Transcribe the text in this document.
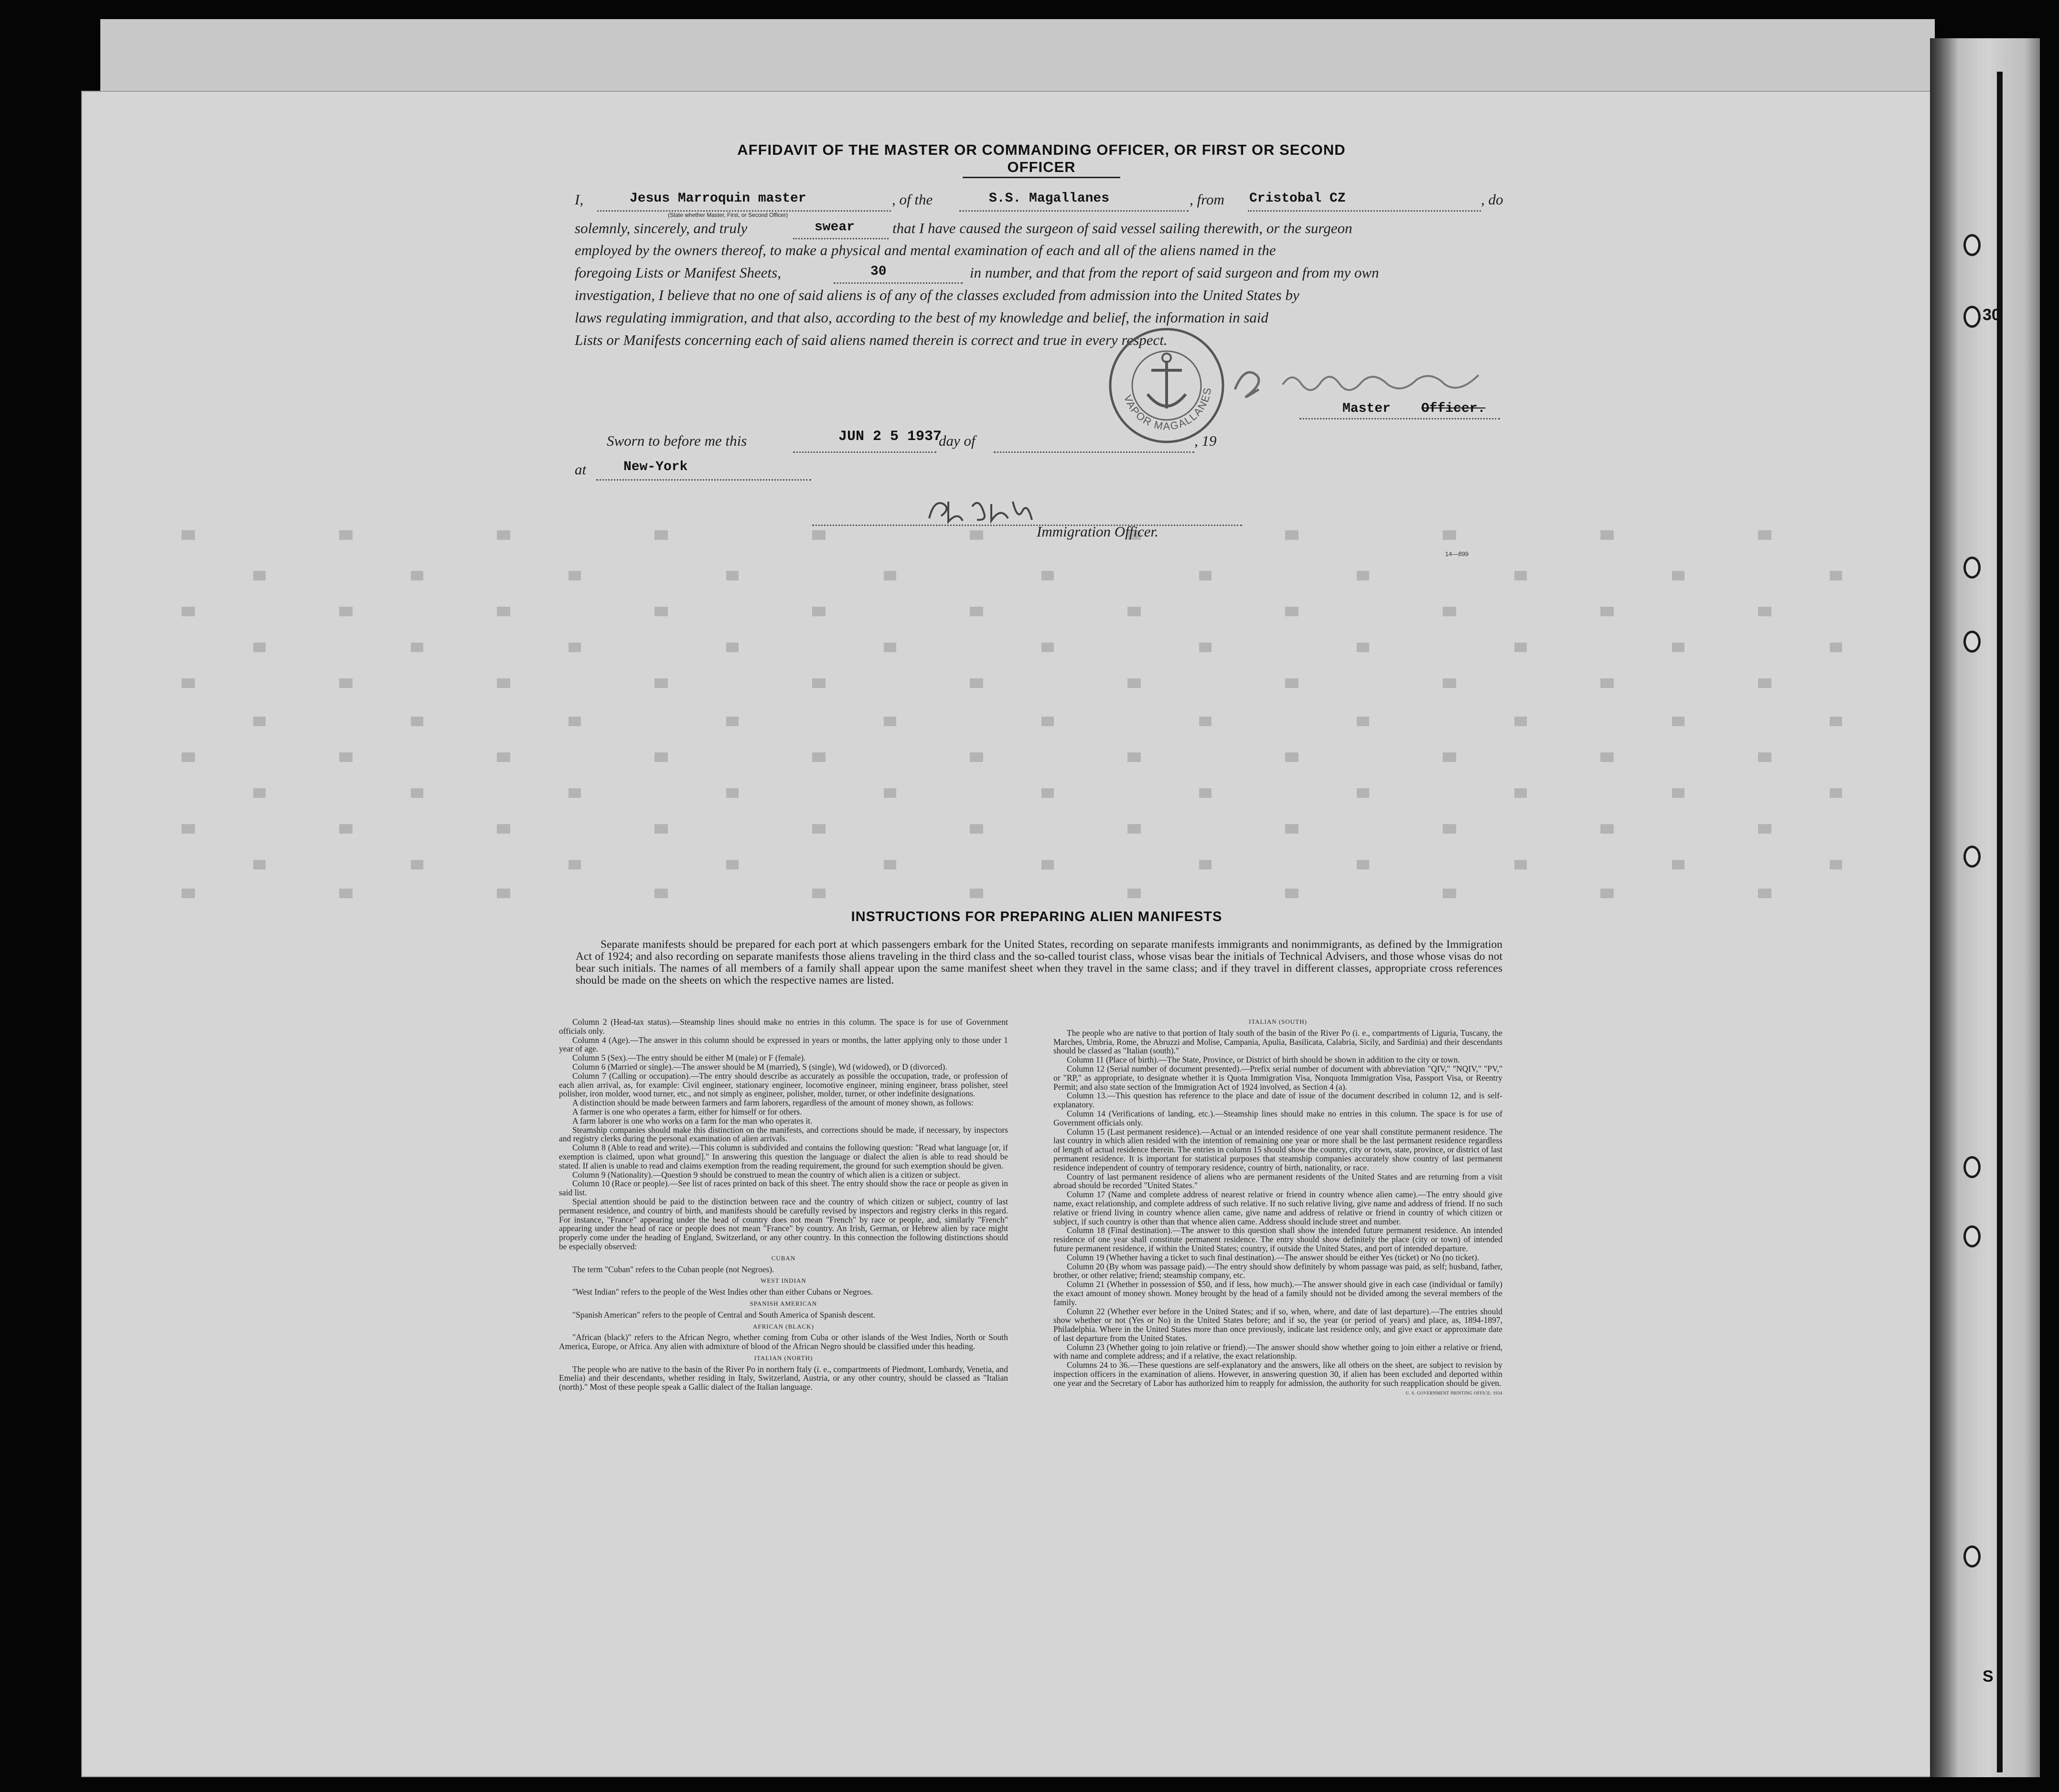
30
S
AFFIDAVIT OF THE MASTER OR COMMANDING OFFICER, OR FIRST OR SECOND OFFICER
I,	Jesus Marroquin master
(State whether Master, First, or Second Officer)
, of the	S.S. Magallanes	, from Cristobal CZ	, do
solemnly, sincerely, and truly	swear	that I have caused the surgeon of said vessel sailing therewith, or the surgeon
employed by the owners thereof, to make a physical and mental examination of each and all of the aliens named in the
foregoing Lists or Manifest Sheets,	30	in number, and that from the report of said surgeon and from my own
investigation, I believe that no one of said aliens is of any of the classes excluded from admission into the United States by
laws regulating immigration, and that also, according to the best of my knowledge and belief, the information in said
Lists or Manifests concerning each of said aliens named therein is correct and true in every respect.
VAPOR MAGALLANES
Master Officer.
Sworn to before me this	JUN 2 5 1937
day of	, 19
at	New-York
Immigration Officer.
14—899
INSTRUCTIONS FOR PREPARING ALIEN MANIFESTS
Separate manifests should be prepared for each port at which passengers embark for the United States, recording on separate manifests immigrants and nonimmigrants, as defined by the Immigration Act of 1924; and also recording on separate manifests those aliens traveling in the third class and the so-called tourist class, whose visas bear the initials of Technical Advisers, and those whose visas do not bear such initials. The names of all members of a family shall appear upon the same manifest sheet when they travel in the same class; and if they travel in different classes, appropriate cross references should be made on the sheets on which the respective names are listed.

Column 2 (Head-tax status).—Steamship lines should make no entries in this column. The space is for use of Government officials only.

Column 4 (Age).—The answer in this column should be expressed in years or months, the latter applying only to those under 1 year of age.

Column 5 (Sex).—The entry should be either M (male) or F (female).

Column 6 (Married or single).—The answer should be M (married), S (single), Wd (widowed), or D (divorced).

Column 7 (Calling or occupation).—The entry should describe as accurately as possible the occupation, trade, or profession of each alien arrival, as, for example: Civil engineer, stationary engineer, locomotive engineer, mining engineer, brass polisher, steel polisher, iron molder, wood turner, etc., and not simply as engineer, polisher, molder, turner, or other indefinite designations.

A distinction should be made between farmers and farm laborers, regardless of the amount of money shown, as follows:

A farmer is one who operates a farm, either for himself or for others.

A farm laborer is one who works on a farm for the man who operates it.

Steamship companies should make this distinction on the manifests, and corrections should be made, if necessary, by inspectors and registry clerks during the personal examination of alien arrivals.

Column 8 (Able to read and write).—This column is subdivided and contains the following question: "Read what language [or, if exemption is claimed, upon what ground]." In answering this question the language or dialect the alien is able to read should be stated. If alien is unable to read and claims exemption from the reading requirement, the ground for such exemption should be given.

Column 9 (Nationality).—Question 9 should be construed to mean the country of which alien is a citizen or subject.

Column 10 (Race or people).—See list of races printed on back of this sheet. The entry should show the race or people as given in said list.

Special attention should be paid to the distinction between race and the country of which citizen or subject, country of last permanent residence, and country of birth, and manifests should be carefully revised by inspectors and registry clerks in this regard. For instance, "France" appearing under the head of country does not mean "French" by race or people, and, similarly "French" appearing under the head of race or people does not mean "France" by country. An Irish, German, or Hebrew alien by race might properly come under the heading of England, Switzerland, or any other country. In this connection the following distinctions should be especially observed:

CUBAN

The term "Cuban" refers to the Cuban people (not Negroes).

WEST INDIAN

"West Indian" refers to the people of the West Indies other than either Cubans or Negroes.

SPANISH AMERICAN

"Spanish American" refers to the people of Central and South America of Spanish descent.

AFRICAN (BLACK)

"African (black)" refers to the African Negro, whether coming from Cuba or other islands of the West Indies, North or South America, Europe, or Africa. Any alien with admixture of blood of the African Negro should be classified under this heading.

ITALIAN (NORTH)

The people who are native to the basin of the River Po in northern Italy (i. e., compartments of Piedmont, Lombardy, Venetia, and Emelia) and their descendants, whether residing in Italy, Switzerland, Austria, or any other country, should be classed as "Italian (north)." Most of these people speak a Gallic dialect of the Italian language.

ITALIAN (SOUTH)

The people who are native to that portion of Italy south of the basin of the River Po (i. e., compartments of Liguria, Tuscany, the Marches, Umbria, Rome, the Abruzzi and Molise, Campania, Apulia, Basilicata, Calabria, Sicily, and Sardinia) and their descendants should be classed as "Italian (south)."

Column 11 (Place of birth).—The State, Province, or District of birth should be shown in addition to the city or town.

Column 12 (Serial number of document presented).—Prefix serial number of document with abbreviation "QIV," "NQIV," "PV," or "RP," as appropriate, to designate whether it is Quota Immigration Visa, Nonquota Immigration Visa, Passport Visa, or Reentry Permit; and also state section of the Immigration Act of 1924 involved, as Section 4 (a).

Column 13.—This question has reference to the place and date of issue of the document described in column 12, and is self-explanatory.

Column 14 (Verifications of landing, etc.).—Steamship lines should make no entries in this column. The space is for use of Government officials only.

Column 15 (Last permanent residence).—Actual or an intended residence of one year shall constitute permanent residence. The last country in which alien resided with the intention of remaining one year or more shall be the last permanent residence regardless of length of actual residence therein. The entries in column 15 should show the country, city or town, state, province, or district of last permanent residence. It is important for statistical purposes that steamship companies accurately show country of last permanent residence independent of country of temporary residence, country of birth, nationality, or race.

Country of last permanent residence of aliens who are permanent residents of the United States and are returning from a visit abroad should be recorded "United States."

Column 17 (Name and complete address of nearest relative or friend in country whence alien came).—The entry should give name, exact relationship, and complete address of such relative. If no such relative living, give name and address of friend. If no such relative or friend living in country whence alien came, give name and address of relative or friend in country of which citizen or subject, if such country is other than that whence alien came. Address should include street and number.

Column 18 (Final destination).—The answer to this question shall show the intended future permanent residence. An intended residence of one year shall constitute permanent residence. The entry should show definitely the place (city or town) of intended future permanent residence, if within the United States; country, if outside the United States, and port of intended departure.

Column 19 (Whether having a ticket to such final destination).—The answer should be either Yes (ticket) or No (no ticket).

Column 20 (By whom was passage paid).—The entry should show definitely by whom passage was paid, as self; husband, father, brother, or other relative; friend; steamship company, etc.

Column 21 (Whether in possession of $50, and if less, how much).—The answer should give in each case (individual or family) the exact amount of money shown. Money brought by the head of a family should not be divided among the several members of the family.

Column 22 (Whether ever before in the United States; and if so, when, where, and date of last departure).—The entries should show whether or not (Yes or No) in the United States before; and if so, the year (or period of years) and place, as, 1894-1897, Philadelphia. Where in the United States more than once previously, indicate last residence only, and give exact or approximate date of last departure from the United States.

Column 23 (Whether going to join relative or friend).—The answer should show whether going to join either a relative or friend, with name and complete address; and if a relative, the exact relationship.

Columns 24 to 36.—These questions are self-explanatory and the answers, like all others on the sheet, are subject to revision by inspection officers in the examination of aliens. However, in answering question 30, if alien has been excluded and deported within one year and the Secretary of Labor has authorized him to reapply for admission, the authority for such reapplication should be given.

U. S. GOVERNMENT PRINTING OFFICE: 1934
